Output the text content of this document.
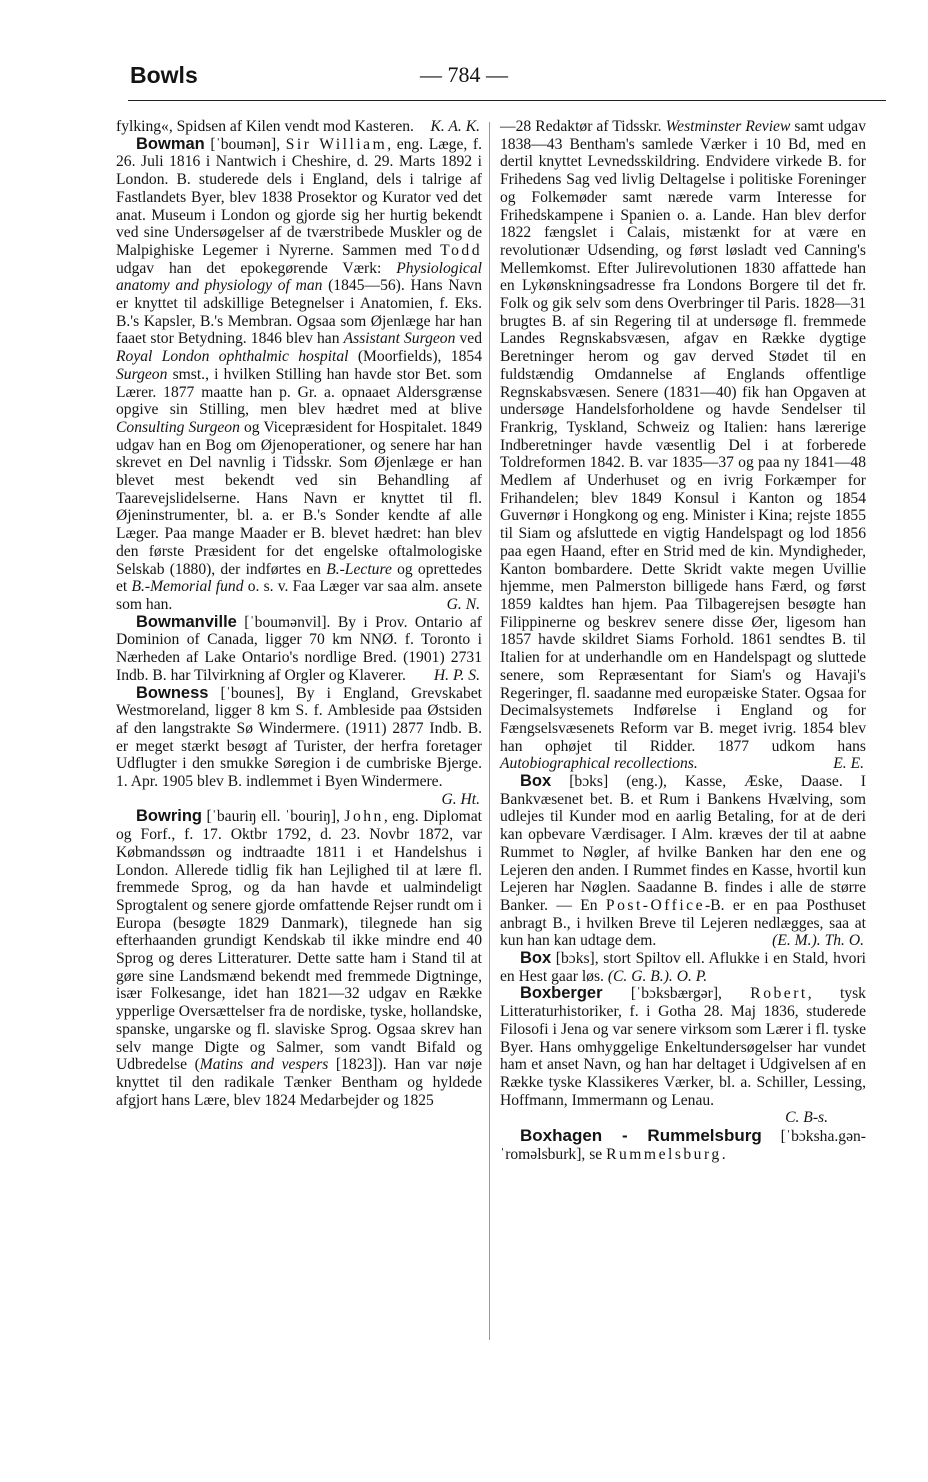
Bowls	— 784 —

fylking«, Spidsen af Kilen vendt mod Kasteren. K. A. K.

Bowman [ˈboumən], Sir William, eng. Læge, f. 26. Juli 1816 i Nantwich i Cheshire, d. 29. Marts 1892 i London. B. studerede dels i England, dels i talrige af Fastlandets Byer, blev 1838 Prosektor og Kurator ved det anat. Museum i London og gjorde sig her hurtig bekendt ved sine Undersøgelser af de tværstribede Muskler og de Malpighiske Legemer i Nyrerne. Sammen med Todd udgav han det epokegørende Værk: Physiological anatomy and physiology of man (1845—56). Hans Navn er knyttet til adskillige Betegnelser i Anatomien, f. Eks. B.'s Kapsler, B.'s Membran. Ogsaa som Øjenlæge har han faaet stor Betydning. 1846 blev han Assistant Surgeon ved Royal London ophthalmic hospital (Moorfields), 1854 Surgeon smst., i hvilken Stilling han havde stor Bet. som Lærer. 1877 maatte han p. Gr. a. opnaaet Aldersgrænse opgive sin Stilling, men blev hædret med at blive Consulting Surgeon og Vicepræsident for Hospitalet. 1849 udgav han en Bog om Øjenoperationer, og senere har han skrevet en Del navnlig i Tidsskr. Som Øjenlæge er han blevet mest bekendt ved sin Behandling af Taarevejslidelserne. Hans Navn er knyttet til fl. Øjeninstrumenter, bl. a. er B.'s Sonder kendte af alle Læger. Paa mange Maader er B. blevet hædret: han blev den første Præsident for det engelske oftalmologiske Selskab (1880), der indførtes en B.-Lecture og oprettedes et B.-Memorial fund o. s. v. Faa Læger var saa alm. ansete som han.	G. N.

Bowmanville [ˈboumənvil]. By i Prov. Ontario af Dominion of Canada, ligger 70 km NNØ. f. Toronto i Nærheden af Lake Ontario's nordlige Bred. (1901) 2731 Indb. B. har Tilvirkning af Orgler og Klaverer.	H. P. S.

Bowness [ˈbounes], By i England, Grevskabet Westmoreland, ligger 8 km S. f. Ambleside paa Østsiden af den langstrakte Sø Windermere. (1911) 2877 Indb. B. er meget stærkt besøgt af Turister, der herfra foretager Udflugter i den smukke Søregion i de cumbriske Bjerge. 1. Apr. 1905 blev B. indlemmet i Byen Windermere.
G. Ht.

Bowring [ˈbauriŋ ell. ˈbouriŋ], John, eng. Diplomat og Forf., f. 17. Oktbr 1792, d. 23. Novbr 1872, var Købmandssøn og indtraadte 1811 i et Handelshus i London. Allerede tidlig fik han Lejlighed til at lære fl. fremmede Sprog, og da han havde et ualmindeligt Sprogtalent og senere gjorde omfattende Rejser rundt om i Europa (besøgte 1829 Danmark), tilegnede han sig efterhaanden grundigt Kendskab til ikke mindre end 40 Sprog og deres Litteraturer. Dette satte ham i Stand til at gøre sine Landsmænd bekendt med fremmede Digtninge, især Folkesange, idet han 1821—32 udgav en Række ypperlige Oversættelser fra de nordiske, tyske, hollandske, spanske, ungarske og fl. slaviske Sprog. Ogsaa skrev han selv mange Digte og Salmer, som vandt Bifald og Udbredelse (Matins and vespers [1823]). Han var nøje knyttet til den radikale Tænker Bentham og hyldede afgjort hans Lære, blev 1824 Medarbejder og 1825

—28 Redaktør af Tidsskr. Westminster Review samt udgav 1838—43 Bentham's samlede Værker i 10 Bd, med en dertil knyttet Levnedsskildring. Endvidere virkede B. for Frihedens Sag ved livlig Deltagelse i politiske Foreninger og Folkemøder samt nærede varm Interesse for Frihedskampene i Spanien o. a. Lande. Han blev derfor 1822 fængslet i Calais, mistænkt for at være en revolutionær Udsending, og først løsladt ved Canning's Mellemkomst. Efter Julirevolutionen 1830 affattede han en Lykønskningsadresse fra Londons Borgere til det fr. Folk og gik selv som dens Overbringer til Paris. 1828—31 brugtes B. af sin Regering til at undersøge fl. fremmede Landes Regnskabsvæsen, afgav en Række dygtige Beretninger herom og gav derved Stødet til en fuldstændig Omdannelse af Englands offentlige Regnskabsvæsen. Senere (1831—40) fik han Opgaven at undersøge Handelsforholdene og havde Sendelser til Frankrig, Tyskland, Schweiz og Italien: hans lærerige Indberetninger havde væsentlig Del i at forberede Toldreformen 1842. B. var 1835—37 og paa ny 1841—48 Medlem af Underhuset og en ivrig Forkæmper for Frihandelen; blev 1849 Konsul i Kanton og 1854 Guvernør i Hongkong og eng. Minister i Kina; rejste 1855 til Siam og afsluttede en vigtig Handelspagt og lod 1856 paa egen Haand, efter en Strid med de kin. Myndigheder, Kanton bombardere. Dette Skridt vakte megen Uvillie hjemme, men Palmerston billigede hans Færd, og først 1859 kaldtes han hjem. Paa Tilbagerejsen besøgte han Filippinerne og beskrev senere disse Øer, ligesom han 1857 havde skildret Siams Forhold. 1861 sendtes B. til Italien for at underhandle om en Handelspagt og sluttede senere, som Repræsentant for Siam's og Havaji's Regeringer, fl. saadanne med europæiske Stater. Ogsaa for Decimalsystemets Indførelse i England og for Fængselsvæsenets Reform var B. meget ivrig. 1854 blev han ophøjet til Ridder. 1877 udkom hans Autobiographical recollections.	E. E.

Box [bɔks] (eng.), Kasse, Æske, Daase. I Bankvæsenet bet. B. et Rum i Bankens Hvælving, som udlejes til Kunder mod en aarlig Betaling, for at de deri kan opbevare Værdisager. I Alm. kræves der til at aabne Rummet to Nøgler, af hvilke Banken har den ene og Lejeren den anden. I Rummet findes en Kasse, hvortil kun Lejeren har Nøglen. Saadanne B. findes i alle de større Banker. — En Post-Office-B. er en paa Posthuset anbragt B., i hvilken Breve til Lejeren nedlægges, saa at kun han kan udtage dem.	(E. M.). Th. O.

Box [bɔks], stort Spiltov ell. Aflukke i en Stald, hvori en Hest gaar løs. (C. G. B.). O. P.

Boxberger [ˈbɔksbærgər], Robert, tysk Litteraturhistoriker, f. i Gotha 28. Maj 1836, studerede Filosofi i Jena og var senere virksom som Lærer i fl. tyske Byer. Hans omhyggelige Enkeltundersøgelser har vundet ham et anset Navn, og han har deltaget i Udgivelsen af en Række tyske Klassikeres Værker, bl. a. Schiller, Lessing, Hoffmann, Immermann og Lenau.
C. B-s.

Boxhagen - Rummelsburg [ˈbɔksha.gən-ˈroməlsburk], se Rummelsburg.
